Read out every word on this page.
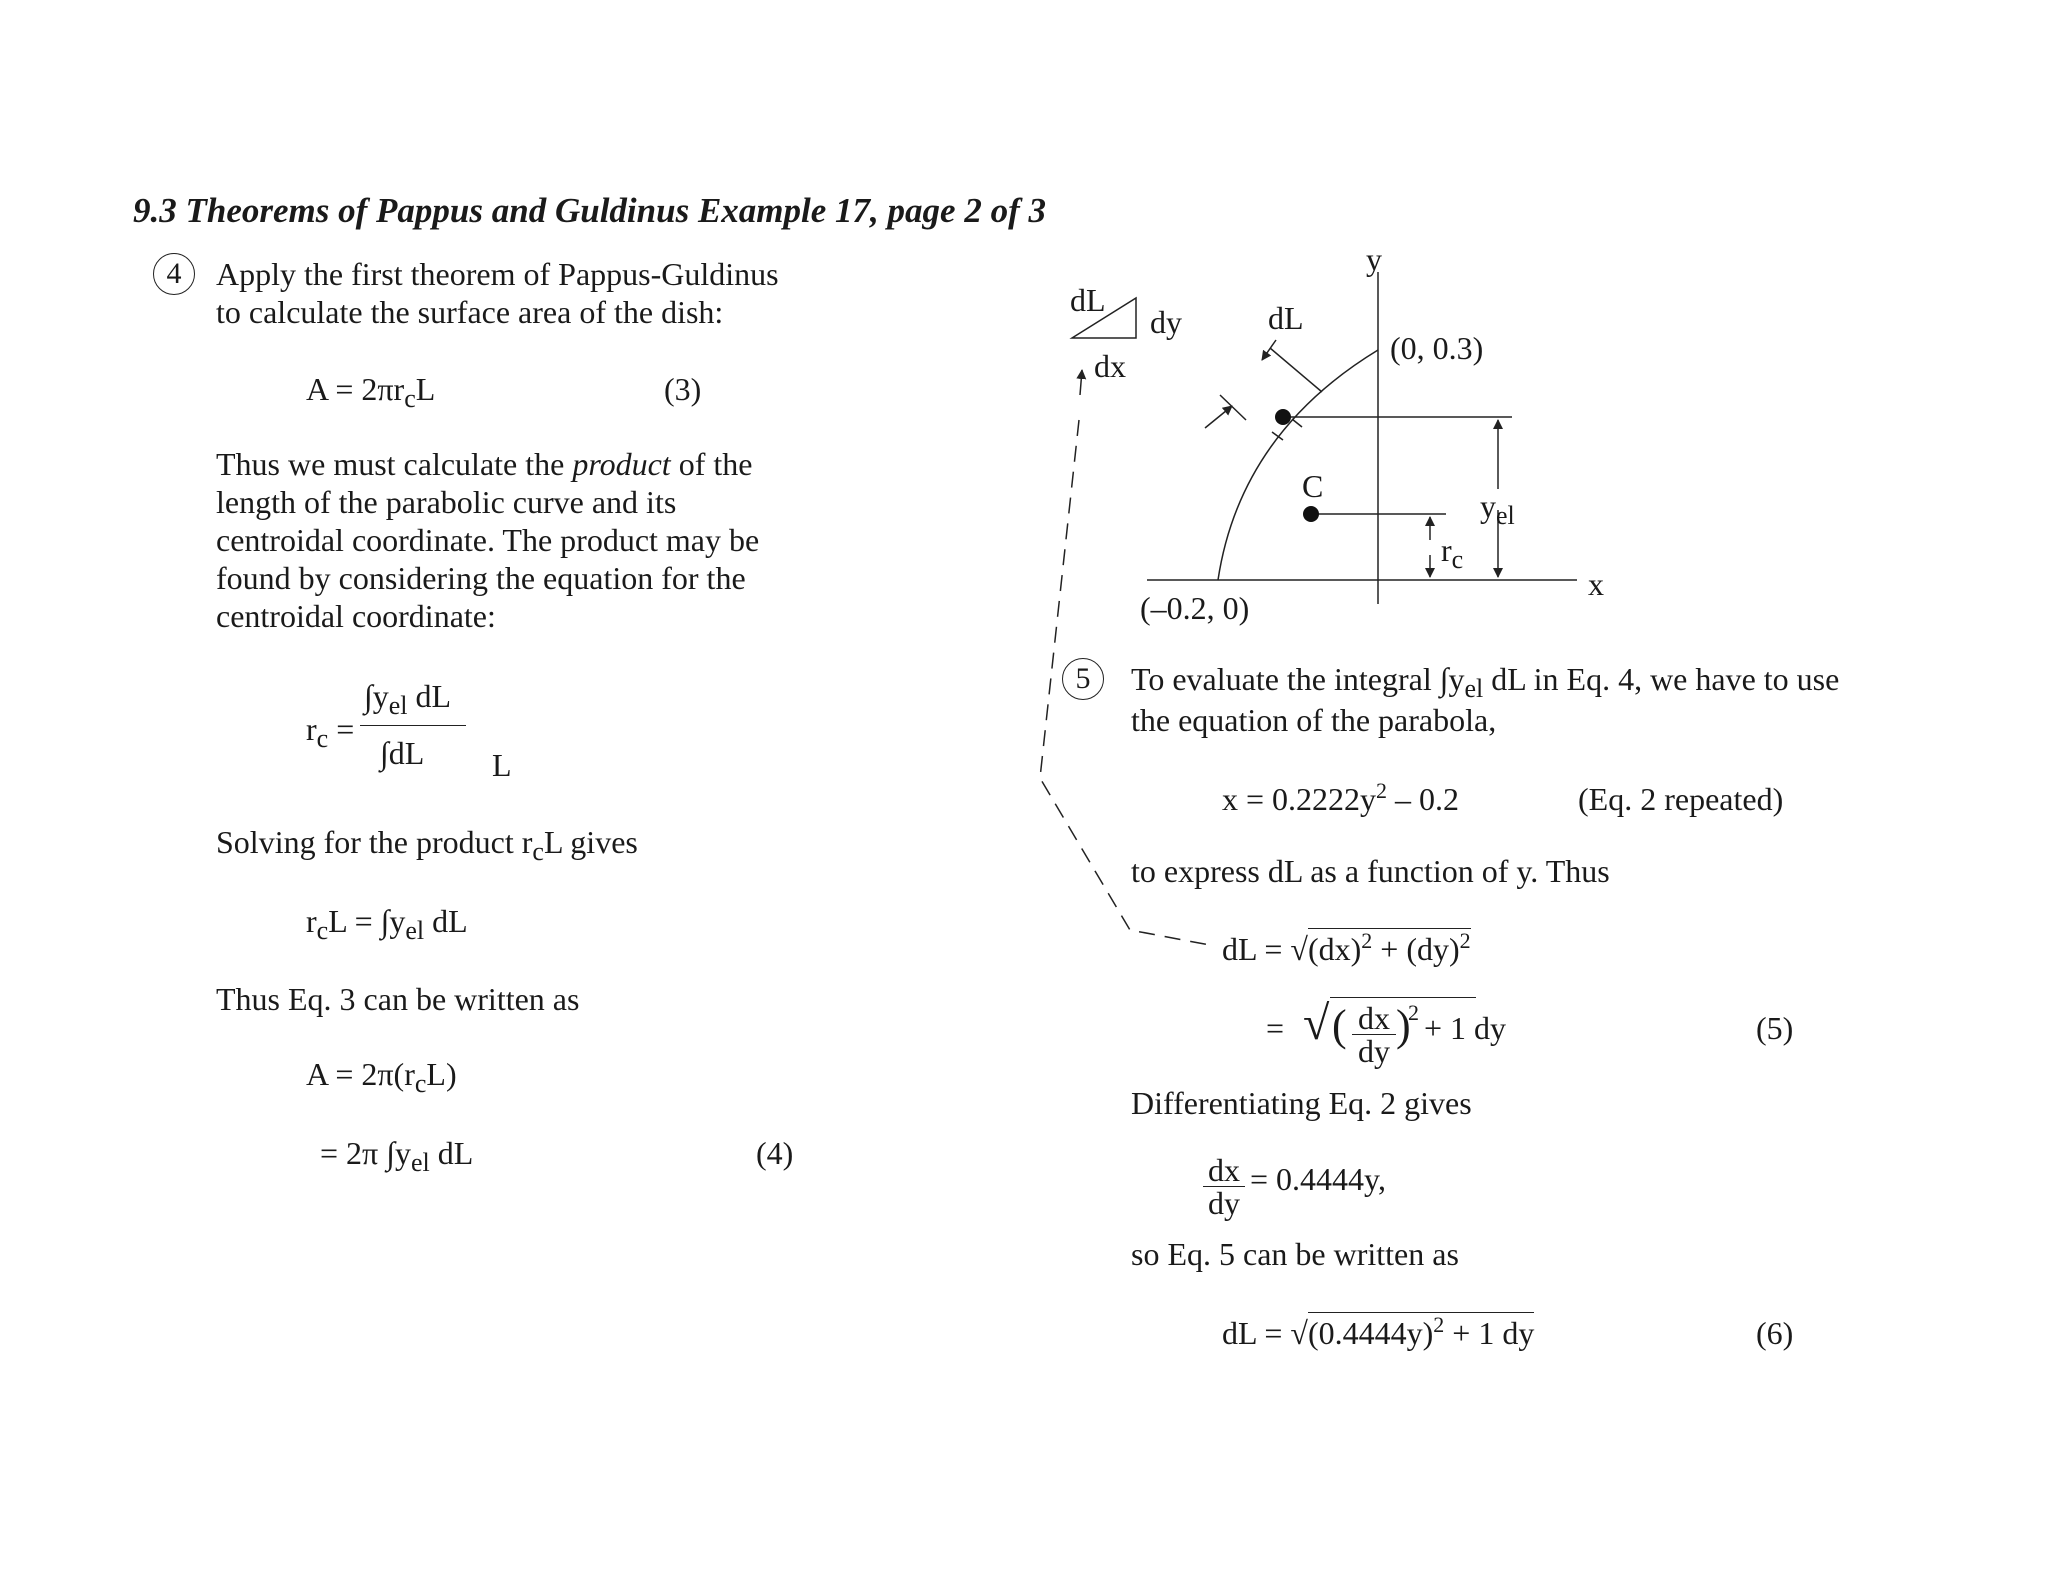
9.3 Theorems of Pappus and Guldinus Example 17, page 2 of 3
4	Apply the first theorem of Pappus-Guldinus
to calculate the surface area of the dish:
$A = 2\pi r_cL$	(3)
Thus we must calculate the product of the
length of the parabolic curve and its
centroidal coordinate. The product may be
found by considering the equation for the
centroidal coordinate:
$r_c$ =
$\int y_{el}$ dL
∫dL L
Solving for the product $r_cL$ gives
$r_cL = \int y_{el}$ dL
Thus Eq. 3 can be written as
$A = 2\pi(r_cL)$
= 2π $\int y_{el}$ dL	(4)
dL
dy
dx
y
x
dL
(0, 0.3)
(–0.2, 0)
C
$y_{el}$
$r_c$
5	To evaluate the integral $\int y_{el}$ dL in Eq. 4, we have to use
the equation of the parabola,
$x = 0.2222y^2 - 0.2$	(Eq. 2 repeated)
to express dL as a function of y. Thus
dL = √(dx)$^2$ + (dy)$^2$
= √ ( $\frac{dx}{dy}$ )
2 + 1 dy	(5)
Differentiating Eq. 2 gives
$\frac{dx}{dy} = 0.4444y$,
so Eq. 5 can be written as
dL = $√(0.4444y)^2 + 1$ dy	(6)
